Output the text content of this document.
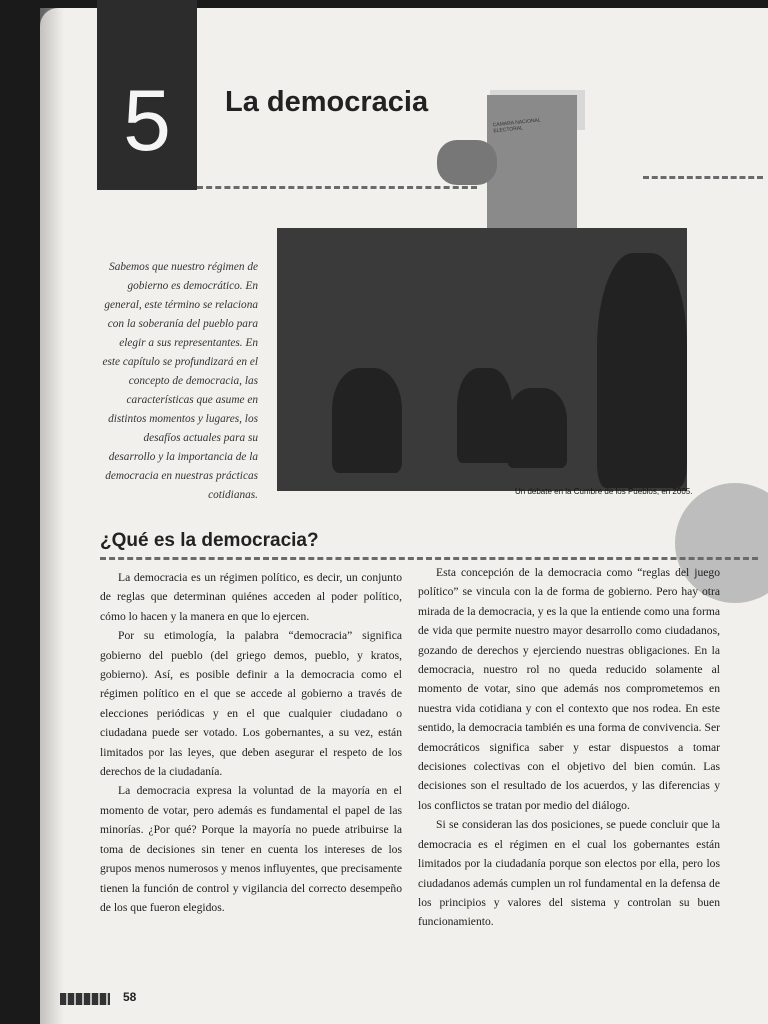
5	La democracia
CAMARA NACIONAL ELECTORAL
Sabemos que nuestro régimen de gobierno es democrático. En general, este término se relaciona con la soberanía del pueblo para elegir a sus representantes. En este capítulo se profundizará en el concepto de democracia, las características que asume en distintos momentos y lugares, los desafíos actuales para su desarrollo y la importancia de la democracia en nuestras prácticas cotidianas.	Un debate en la Cumbre de los Pueblos, en 2005.
¿Qué es la democracia?

La democracia es un régimen político, es decir, un conjunto de reglas que determinan quiénes acceden al poder político, cómo lo hacen y la manera en que lo ejercen.

Por su etimología, la palabra “democracia” significa gobierno del pueblo (del griego demos, pueblo, y kratos, gobierno). Así, es posible definir a la democracia como el régimen político en el que se accede al gobierno a través de elecciones periódicas y en el que cualquier ciudadano o ciudadana puede ser votado. Los gobernantes, a su vez, están limitados por las leyes, que deben asegurar el respeto de los derechos de la ciudadanía.

La democracia expresa la voluntad de la mayoría en el momento de votar, pero además es fundamental el papel de las minorías. ¿Por qué? Porque la mayoría no puede atribuirse la toma de decisiones sin tener en cuenta los intereses de los grupos menos numerosos y menos influyentes, que precisamente tienen la función de control y vigilancia del correcto desempeño de los que fueron elegidos.

Esta concepción de la democracia como “reglas del juego político” se vincula con la de forma de gobierno. Pero hay otra mirada de la democracia, y es la que la entiende como una forma de vida que permite nuestro mayor desarrollo como ciudadanos, gozando de derechos y ejerciendo nuestras obligaciones. En la democracia, nuestro rol no queda reducido solamente al momento de votar, sino que además nos comprometemos en nuestra vida cotidiana y con el contexto que nos rodea. En este sentido, la democracia también es una forma de convivencia. Ser democráticos significa saber y estar dispuestos a tomar decisiones colectivas con el objetivo del bien común. Las decisiones son el resultado de los acuerdos, y las diferencias y los conflictos se tratan por medio del diálogo.

Si se consideran las dos posiciones, se puede concluir que la democracia es el régimen en el cual los gobernantes están limitados por la ciudadanía porque son electos por ella, pero los ciudadanos además cumplen un rol fundamental en la defensa de los principios y valores del sistema y controlan su buen funcionamiento.

58
